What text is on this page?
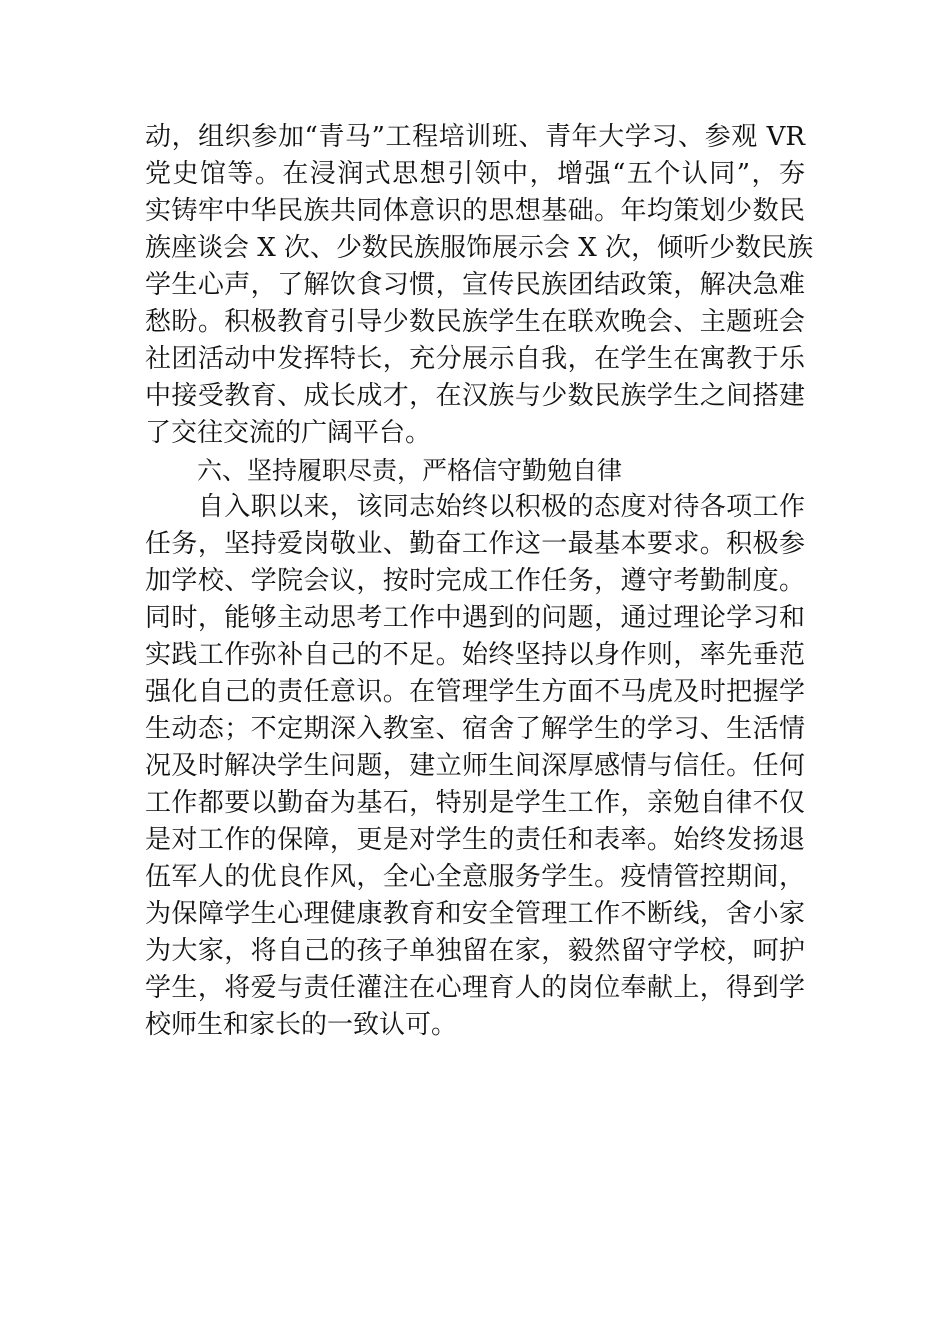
动，组织参加“青马”工程培训班、青年大学习、参观 VR
党史馆等。在浸润式思想引领中，增强“五个认同”，夯
实铸牢中华民族共同体意识的思想基础。年均策划少数民
族座谈会 X 次、少数民族服饰展示会 X 次，倾听少数民族
学生心声，了解饮食习惯，宣传民族团结政策，解决急难
愁盼。积极教育引导少数民族学生在联欢晚会、主题班会
社团活动中发挥特长，充分展示自我，在学生在寓教于乐
中接受教育、成长成才，在汉族与少数民族学生之间搭建
了交往交流的广阔平台。
六、坚持履职尽责，严格信守勤勉自律
　　自入职以来，该同志始终以积极的态度对待各项工作
任务，坚持爱岗敬业、勤奋工作这一最基本要求。积极参
加学校、学院会议，按时完成工作任务，遵守考勤制度。
同时，能够主动思考工作中遇到的问题，通过理论学习和
实践工作弥补自己的不足。始终坚持以身作则，率先垂范
强化自己的责任意识。在管理学生方面不马虎及时把握学
生动态；不定期深入教室、宿舍了解学生的学习、生活情
况及时解决学生问题，建立师生间深厚感情与信任。任何
工作都要以勤奋为基石，特别是学生工作，亲勉自律不仅
是对工作的保障，更是对学生的责任和表率。始终发扬退
伍军人的优良作风，全心全意服务学生。疫情管控期间，
为保障学生心理健康教育和安全管理工作不断线，舍小家
为大家，将自己的孩子单独留在家，毅然留守学校，呵护
学生，将爱与责任灌注在心理育人的岗位奉献上，得到学
校师生和家长的一致认可。
